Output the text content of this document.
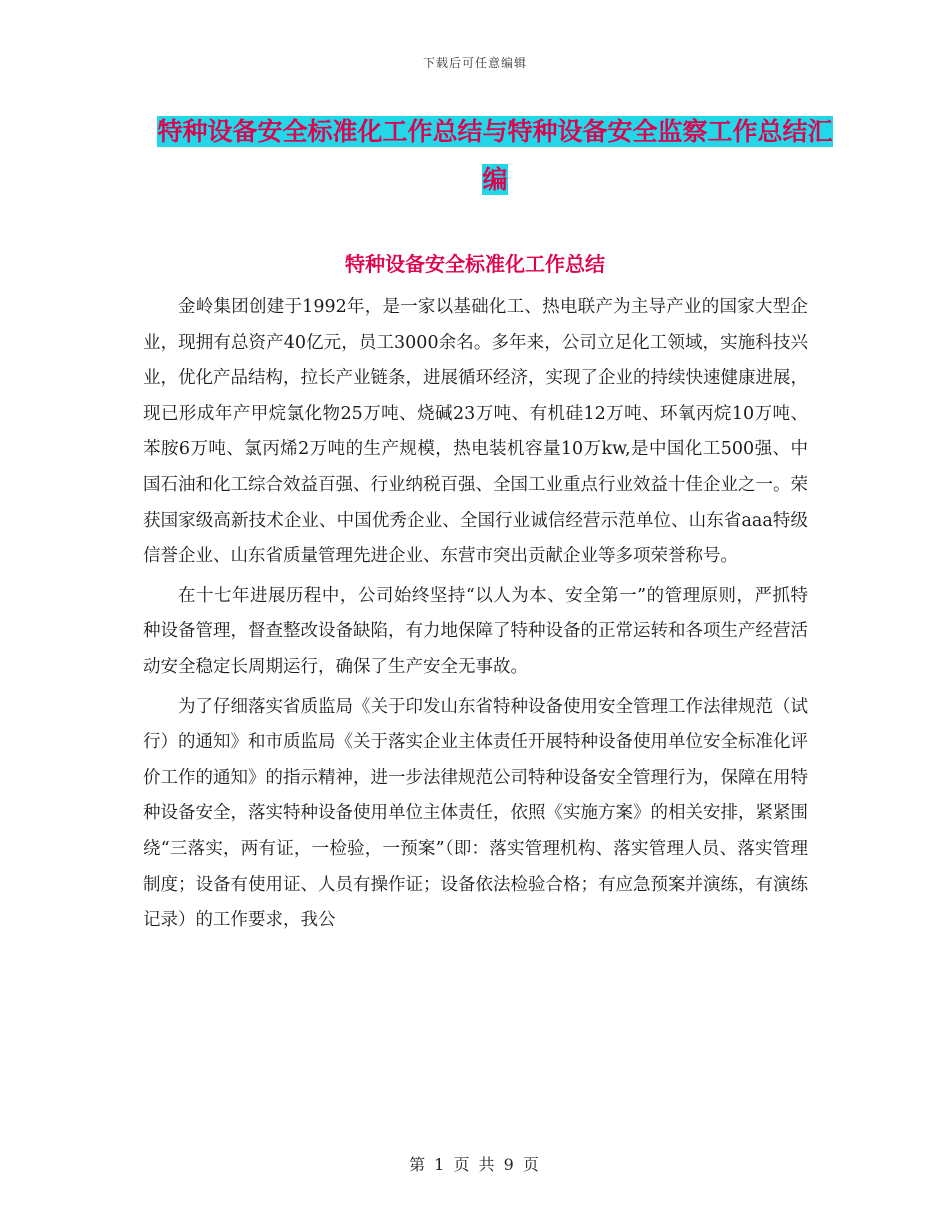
下载后可任意编辑
特种设备安全标准化工作总结与特种设备安全监察工作总结汇编
特种设备安全标准化工作总结

金岭集团创建于1992年，是一家以基础化工、热电联产为主导产业的国家大型企业，现拥有总资产40亿元，员工3000余名。多年来，公司立足化工领域，实施科技兴业，优化产品结构，拉长产业链条，进展循环经济，实现了企业的持续快速健康进展，现已形成年产甲烷氯化物25万吨、烧碱23万吨、有机硅12万吨、环氧丙烷10万吨、苯胺6万吨、氯丙烯2万吨的生产规模，热电装机容量10万kw,是中国化工500强、中国石油和化工综合效益百强、行业纳税百强、全国工业重点行业效益十佳企业之一。荣获国家级高新技术企业、中国优秀企业、全国行业诚信经营示范单位、山东省aaa特级信誉企业、山东省质量管理先进企业、东营市突出贡献企业等多项荣誉称号。

在十七年进展历程中，公司始终坚持“以人为本、安全第一”的管理原则，严抓特种设备管理，督查整改设备缺陷，有力地保障了特种设备的正常运转和各项生产经营活动安全稳定长周期运行，确保了生产安全无事故。

为了仔细落实省质监局《关于印发山东省特种设备使用安全管理工作法律规范（试行）的通知》和市质监局《关于落实企业主体责任开展特种设备使用单位安全标准化评价工作的通知》的指示精神，进一步法律规范公司特种设备安全管理行为，保障在用特种设备安全，落实特种设备使用单位主体责任，依照《实施方案》的相关安排，紧紧围绕“三落实，两有证，一检验，一预案”（即：落实管理机构、落实管理人员、落实管理制度；设备有使用证、人员有操作证；设备依法检验合格；有应急预案并演练，有演练记录）的工作要求，我公

第 1 页 共 9 页
